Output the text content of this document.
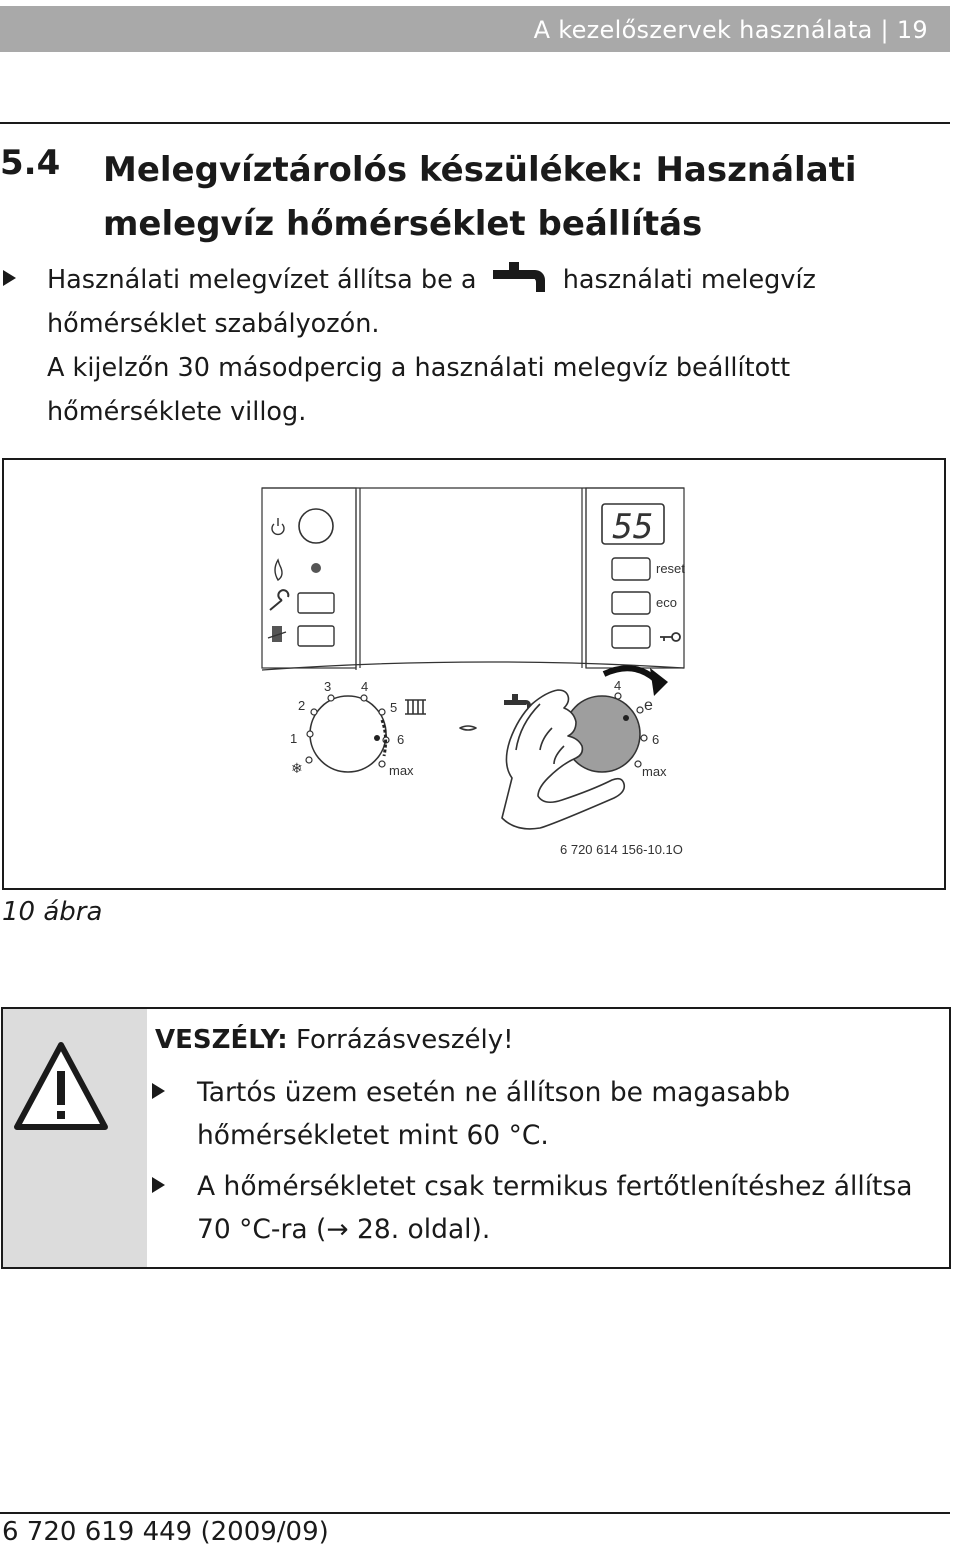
A kezelőszervek használata | 19
5.4 Melegvíztárolós készülékek: Használati melegvíz hőmérséklet beállítás
Használati melegvízet állítsa be a	használati melegvíz hőmérséklet szabályozón.
A kijelzőn 30 másodpercig a használati melegvíz beállított hőmérséklete villog.
55
reset
eco
1
2
3 4
5
6
max
❄
4
e
6
max
6 720 614 156-10.1O
10 ábra
VESZÉLY: Forrázásveszély!
Tartós üzem esetén ne állítson be magasabb hőmérsékletet mint 60 °C.
A hőmérsékletet csak termikus fertőtlenítéshez állítsa 70 °C-ra (→ 28. oldal).
6 720 619 449 (2009/09)
